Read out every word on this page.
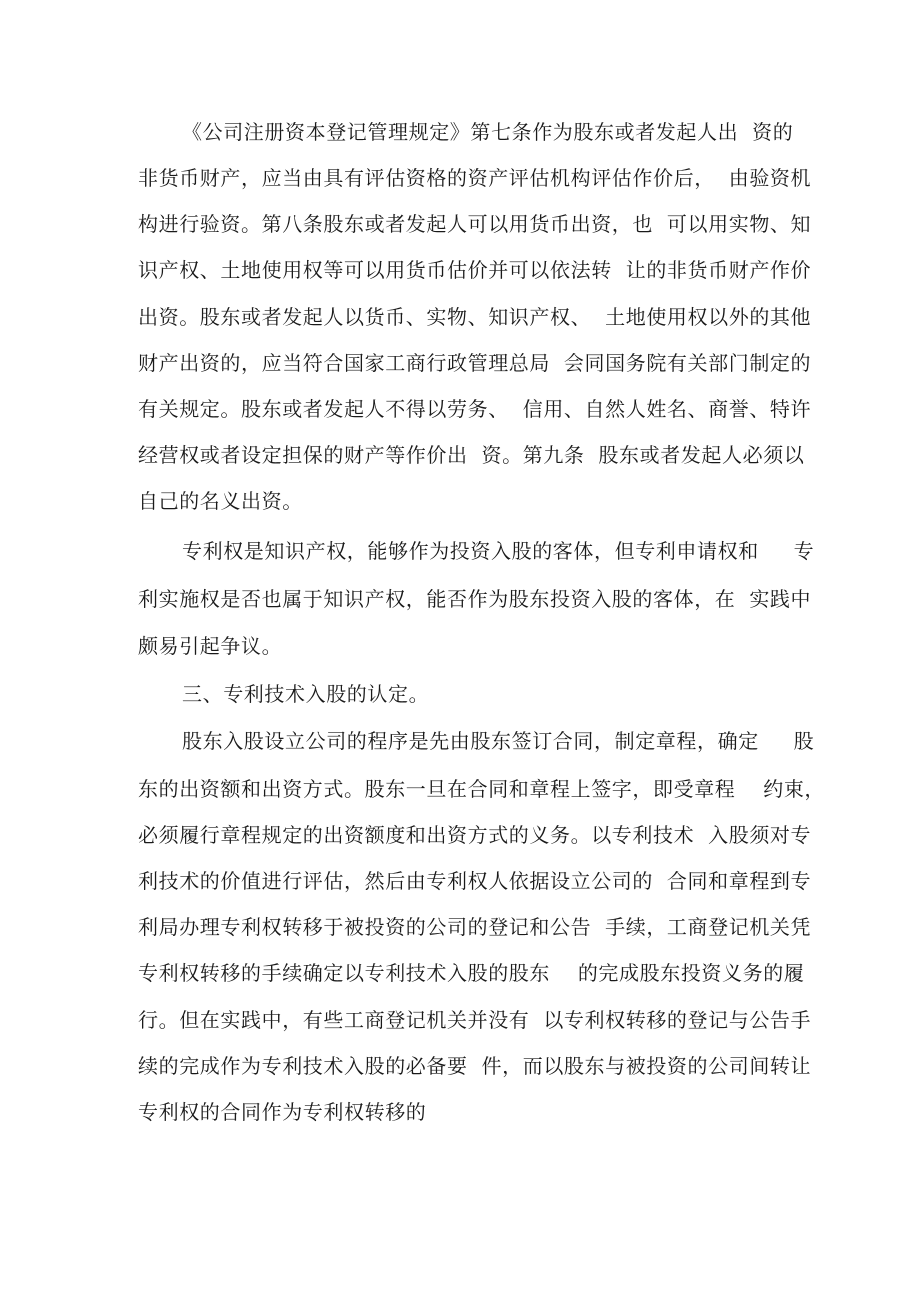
《公司注册资本登记管理规定》第七条作为股东或者发起人出  资的
非货币财产，应当由具有评估资格的资产评估机构评估作价后，  由验资机
构进行验资。第八条股东或者发起人可以用货币出资，也  可以用实物、知
识产权、土地使用权等可以用货币估价并可以依法转  让的非货币财产作价
出资。股东或者发起人以货币、实物、知识产权、  土地使用权以外的其他
财产出资的，应当符合国家工商行政管理总局  会同国务院有关部门制定的
有关规定。股东或者发起人不得以劳务、  信用、自然人姓名、商誉、特许
经营权或者设定担保的财产等作价出  资。第九条  股东或者发起人必须以
自己的名义出资。
专利权是知识产权，能够作为投资入股的客体，但专利申请权和     专
利实施权是否也属于知识产权，能否作为股东投资入股的客体，在  实践中
颇易引起争议。
三、专利技术入股的认定。
股东入股设立公司的程序是先由股东签订合同，制定章程，确定     股
东的出资额和出资方式。股东一旦在合同和章程上签字，即受章程    约束，
必须履行章程规定的出资额度和出资方式的义务。以专利技术  入股须对专
利技术的价值进行评估，然后由专利权人依据设立公司的  合同和章程到专
利局办理专利权转移于被投资的公司的登记和公告  手续，工商登记机关凭
专利权转移的手续确定以专利技术入股的股东    的完成股东投资义务的履
行。但在实践中，有些工商登记机关并没有  以专利权转移的登记与公告手
续的完成作为专利技术入股的必备要  件，而以股东与被投资的公司间转让
专利权的合同作为专利权转移的
